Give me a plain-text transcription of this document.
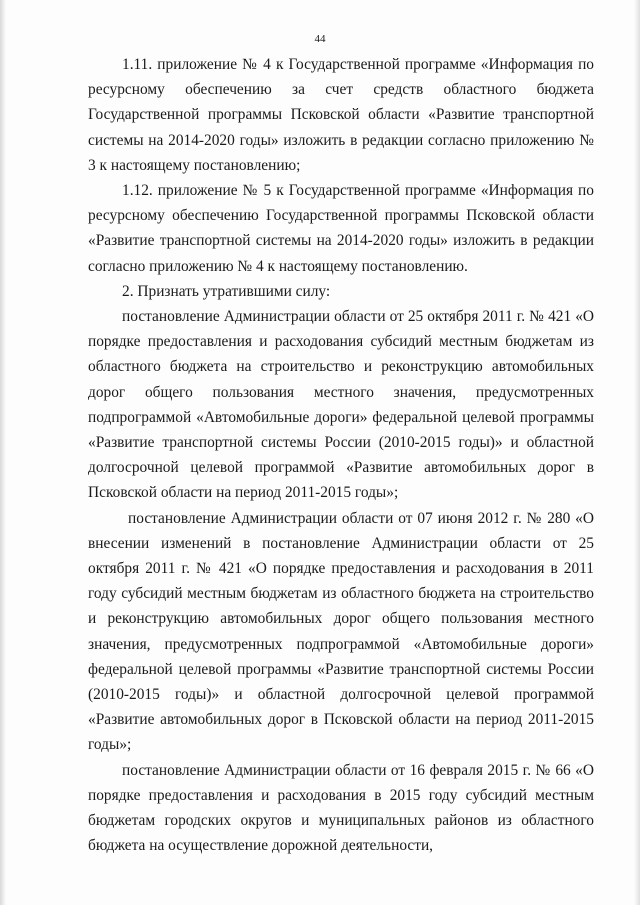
44

1.11. приложение № 4 к Государственной программе «Информация по ресурсному обеспечению за счет средств областного бюджета Государственной программы Псковской области «Развитие транспортной системы на 2014-2020 годы» изложить в редакции согласно приложению № 3 к настоящему постановлению;

1.12. приложение № 5 к Государственной программе «Информация по ресурсному обеспечению Государственной программы Псковской области «Развитие транспортной системы на 2014-2020 годы» изложить в редакции согласно приложению № 4 к настоящему постановлению.

2. Признать утратившими силу:

постановление Администрации области от 25 октября 2011 г. № 421 «О порядке предоставления и расходования субсидий местным бюджетам из областного бюджета на строительство и реконструкцию автомобильных дорог общего пользования местного значения, предусмотренных подпрограммой «Автомобильные дороги» федеральной целевой программы «Развитие транспортной системы России (2010-2015 годы)» и областной долгосрочной целевой программой «Развитие автомобильных дорог в Псковской области на период 2011-2015 годы»;

постановление Администрации области от 07 июня 2012 г. № 280 «О внесении изменений в постановление Администрации области от 25 октября 2011 г. № 421 «О порядке предоставления и расходования в 2011 году субсидий местным бюджетам из областного бюджета на строительство и реконструкцию автомобильных дорог общего пользования местного значения, предусмотренных подпрограммой «Автомобильные дороги» федеральной целевой программы «Развитие транспортной системы России (2010-2015 годы)» и областной долгосрочной целевой программой «Развитие автомобильных дорог в Псковской области на период 2011-2015 годы»;

постановление Администрации области от 16 февраля 2015 г. № 66 «О порядке предоставления и расходования в 2015 году субсидий местным бюджетам городских округов и муниципальных районов из областного бюджета на осуществление дорожной деятельности,
